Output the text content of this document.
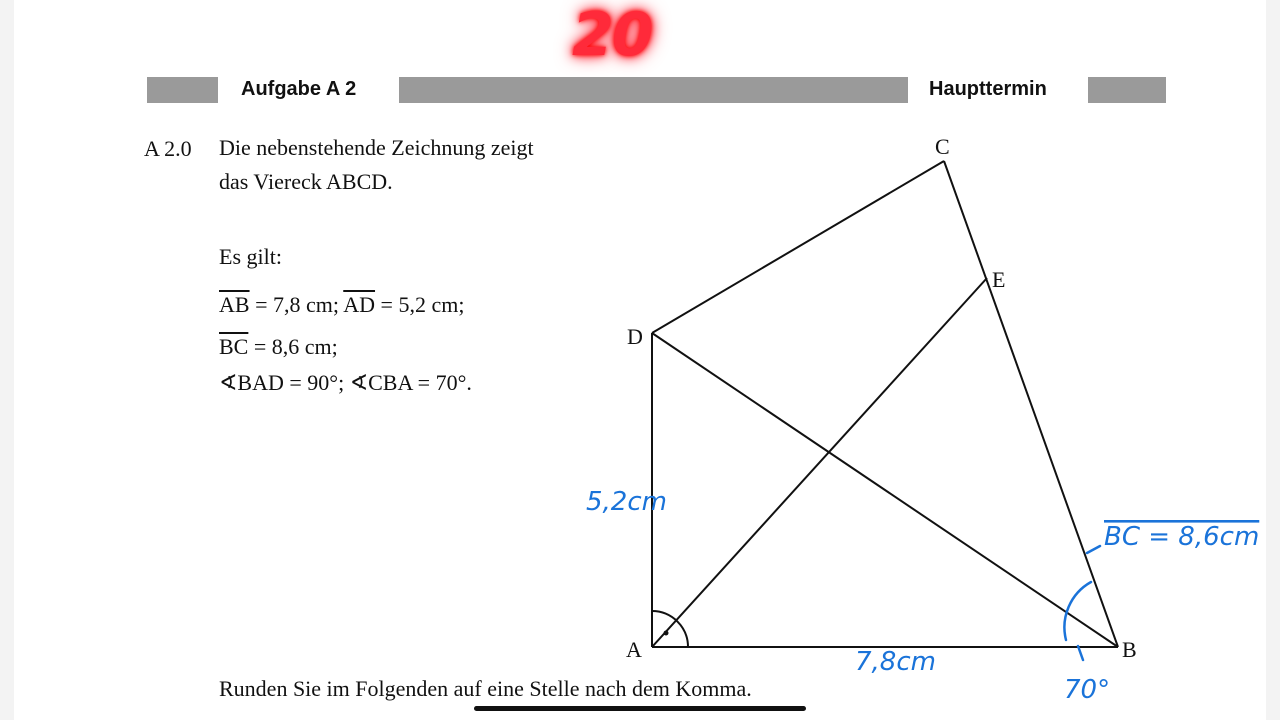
20
Aufgabe A 2	Haupttermin
A 2.0 Die nebenstehende Zeichnung zeigt
das Viereck ABCD.
Es gilt:
$\overline{AB} = 7,8$ cm; $\overline{AD} = 5,2$ cm;
$\overline{BC} = 8,6$ cm;
∢BAD = 90°; ∢CBA = 70°.
A	B
C
D
E
5,2cm
7,8cm
BC = 8,6cm
70°
Runden Sie im Folgenden auf eine Stelle nach dem Komma.
